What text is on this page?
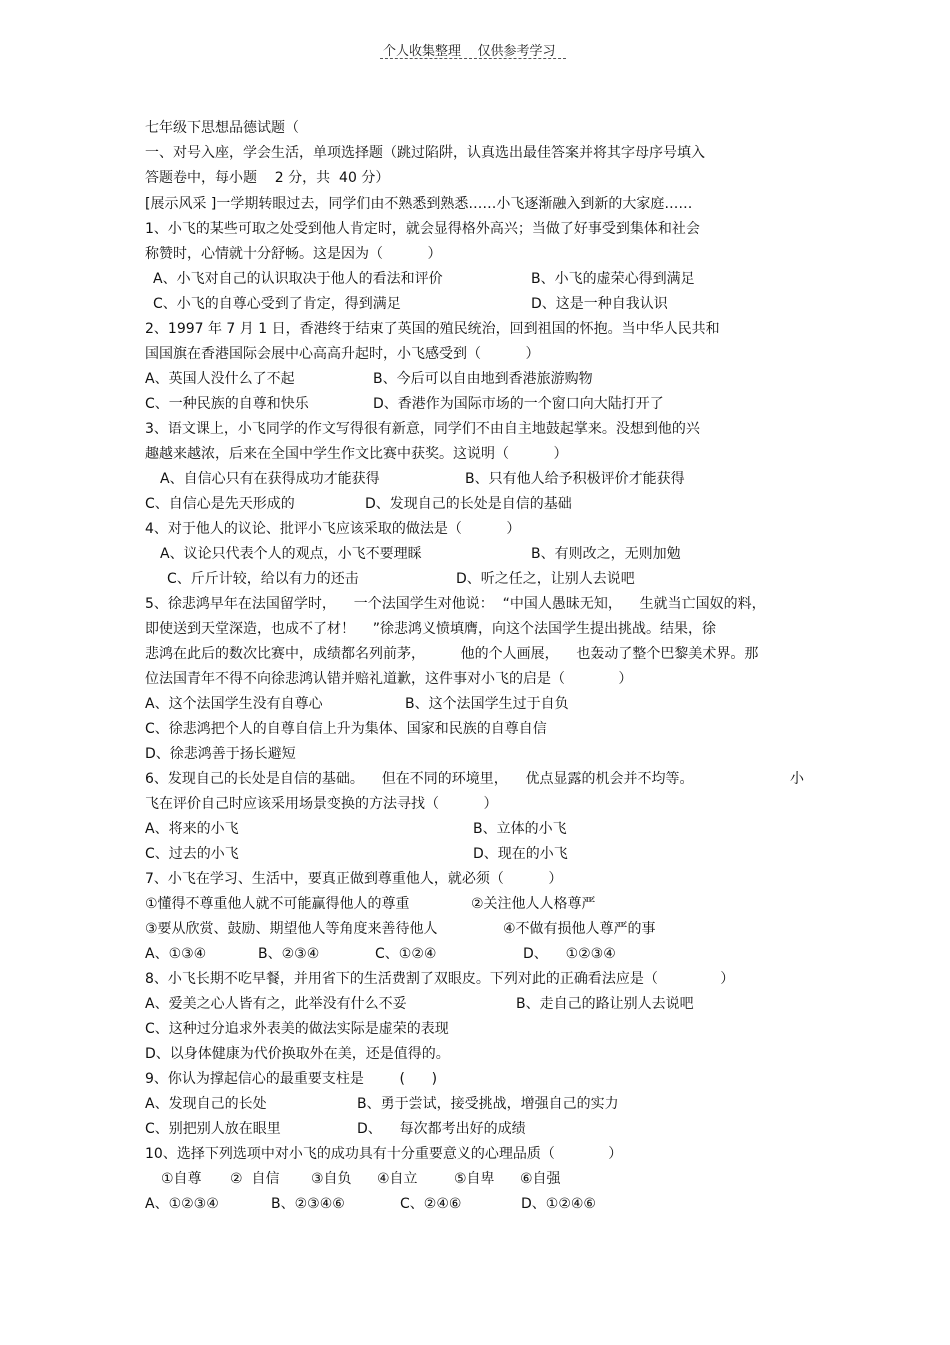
个人收集整理    仅供参考学习
七年级下思想品德试题（
一、对号入座，学会生活，单项选择题（跳过陷阱，认真选出最佳答案并将其字母序号填入
答题卷中，每小题    2 分，共  40 分）
[展示风采 ]一学期转眼过去，同学们由不熟悉到熟悉……小飞逐渐融入到新的大家庭……
1、小飞的某些可取之处受到他人肯定时，就会显得格外高兴；当做了好事受到集体和社会
称赞时，心情就十分舒畅。这是因为（          ）
A、小飞对自己的认识取决于他人的看法和评价	B、小飞的虚荣心得到满足
C、小飞的自尊心受到了肯定，得到满足	D、这是一种自我认识
2、1997 年 7 月 1 日，香港终于结束了英国的殖民统治，回到祖国的怀抱。当中华人民共和
国国旗在香港国际会展中心高高升起时，小飞感受到（          ）
A、英国人没什么了不起	B、今后可以自由地到香港旅游购物
C、一种民族的自尊和快乐	D、香港作为国际市场的一个窗口向大陆打开了
3、语文课上，小飞同学的作文写得很有新意，同学们不由自主地鼓起掌来。没想到他的兴
趣越来越浓，后来在全国中学生作文比赛中获奖。这说明（          ）
A、自信心只有在获得成功才能获得	B、只有他人给予积极评价才能获得
C、自信心是先天形成的	D、发现自己的长处是自信的基础
4、对于他人的议论、批评小飞应该采取的做法是（          ）
A、议论只代表个人的观点，小飞不要理睬	B、有则改之，无则加勉
C、斤斤计较，给以有力的还击	D、听之任之，让别人去说吧
5、徐悲鸿早年在法国留学时，    一个法国学生对他说：  “中国人愚昧无知，    生就当亡国奴的料，
即使送到天堂深造，也成不了材！    ”徐悲鸿义愤填膺，向这个法国学生提出挑战。结果，徐
悲鸿在此后的数次比赛中，成绩都名列前茅，        他的个人画展，    也轰动了整个巴黎美术界。那
位法国青年不得不向徐悲鸿认错并赔礼道歉，这件事对小飞的启是（            ）
A、这个法国学生没有自尊心	B、这个法国学生过于自负
C、徐悲鸿把个人的自尊自信上升为集体、国家和民族的自尊自信
D、徐悲鸿善于扬长避短
6、发现自己的长处是自信的基础。    但在不同的环境里，    优点显露的机会并不均等。	小
飞在评价自己时应该采用场景变换的方法寻找（          ）
A、将来的小飞	B、立体的小飞
C、过去的小飞	D、现在的小飞
7、小飞在学习、生活中，要真正做到尊重他人，就必须（          ）
①懂得不尊重他人就不可能赢得他人的尊重	②关注他人人格尊严
③要从欣赏、鼓励、期望他人等角度来善待他人	④不做有损他人尊严的事
A、①③④	B、②③④	C、①②④	D、    ①②③④
8、小飞长期不吃早餐，并用省下的生活费割了双眼皮。下列对此的正确看法应是（              ）
A、爱美之心人皆有之，此举没有什么不妥	B、走自己的路让别人去说吧
C、这种过分追求外表美的做法实际是虚荣的表现
D、以身体健康为代价换取外在美，还是值得的。
9、你认为撑起信心的最重要支柱是        (      )
A、发现自己的长处	B、勇于尝试，接受挑战，增强自己的实力
C、别把别人放在眼里	D、    每次都考出好的成绩
10、选择下列选项中对小飞的成功具有十分重要意义的心理品质（            ）
①自尊 ②  自信 ③自负 ④自立	⑤自卑 ⑥自强
A、①②③④	B、②③④⑥	C、②④⑥	D、①②④⑥
